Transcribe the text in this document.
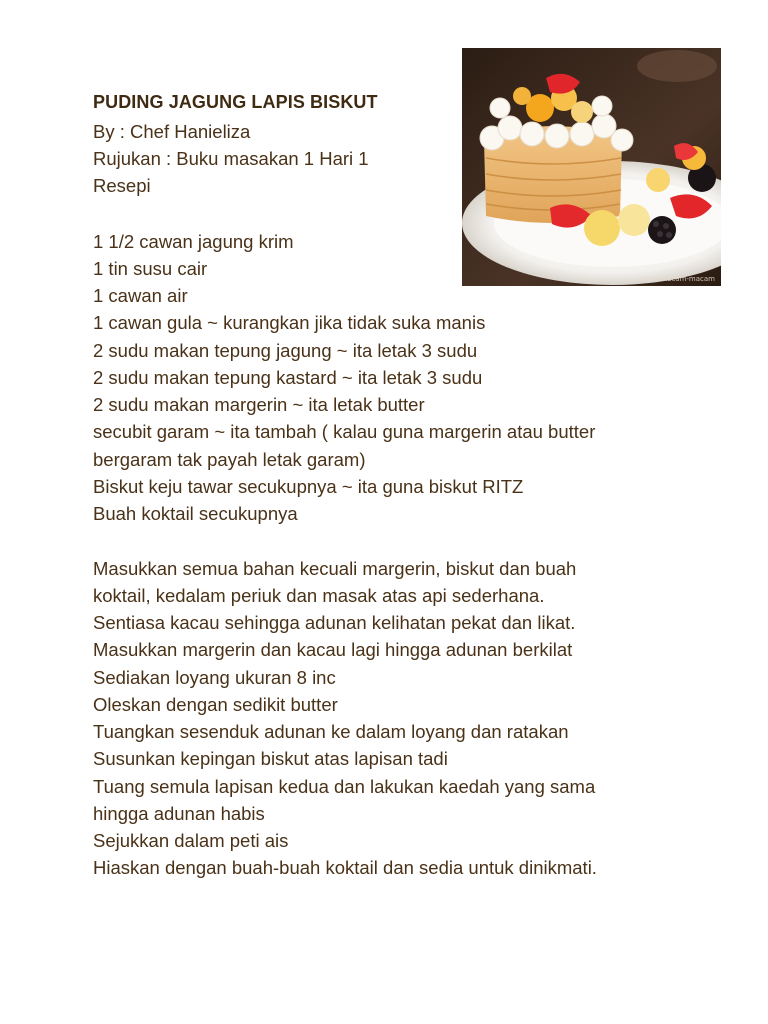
PUDING JAGUNG LAPIS BISKUT
By : Chef Hanieliza
Rujukan : Buku masakan 1 Hari 1
Resepi
1 1/2 cawan jagung krim
1 tin susu cair
1 cawan air
1 cawan gula ~ kurangkan jika tidak suka manis
2 sudu makan tepung jagung ~ ita letak 3 sudu
2 sudu makan tepung kastard ~ ita letak 3 sudu
2 sudu makan margerin ~ ita letak butter
secubit garam ~ ita tambah ( kalau guna margerin atau butter
bergaram tak payah letak garam)
Biskut keju tawar secukupnya ~ ita guna biskut RITZ
Buah koktail secukupnya
Masukkan semua bahan kecuali margerin, biskut dan buah
koktail, kedalam periuk dan masak atas api sederhana.
Sentiasa kacau sehingga adunan kelihatan pekat dan likat.
Masukkan margerin dan kacau lagi hingga adunan berkilat
Sediakan loyang ukuran 8 inc
Oleskan dengan sedikit butter
Tuangkan sesenduk adunan ke dalam loyang dan ratakan
Susunkan kepingan biskut atas lapisan tadi
Tuang semula lapisan kedua dan lakukan kaedah yang sama
hingga adunan habis
Sejukkan dalam peti ais
Hiaskan dengan buah-buah koktail dan sedia untuk dinikmati.
ita's macam-macam
